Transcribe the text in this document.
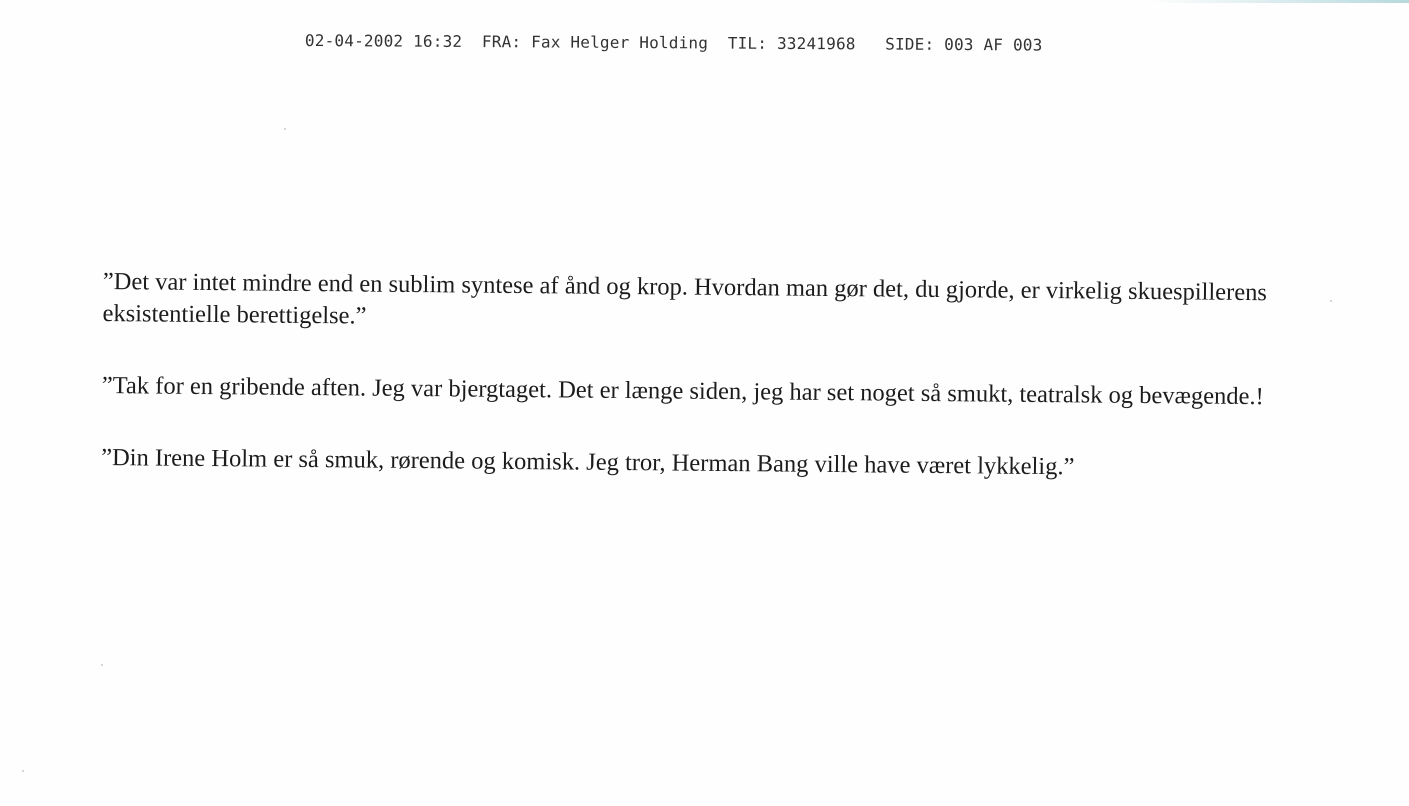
02-04-2002 16:32 FRA: Fax Helger Holding TIL: 33241968 SIDE: 003 AF 003

”Det var intet mindre end en sublim syntese af ånd og krop. Hvordan man gør det, du gjorde, er virkelig skuespillerens eksistentielle berettigelse.”

”Tak for en gribende aften. Jeg var bjergtaget. Det er længe siden, jeg har set noget så smukt, teatralsk og bevægende.!

”Din Irene Holm er så smuk, rørende og komisk. Jeg tror, Herman Bang ville have været lykkelig.”
